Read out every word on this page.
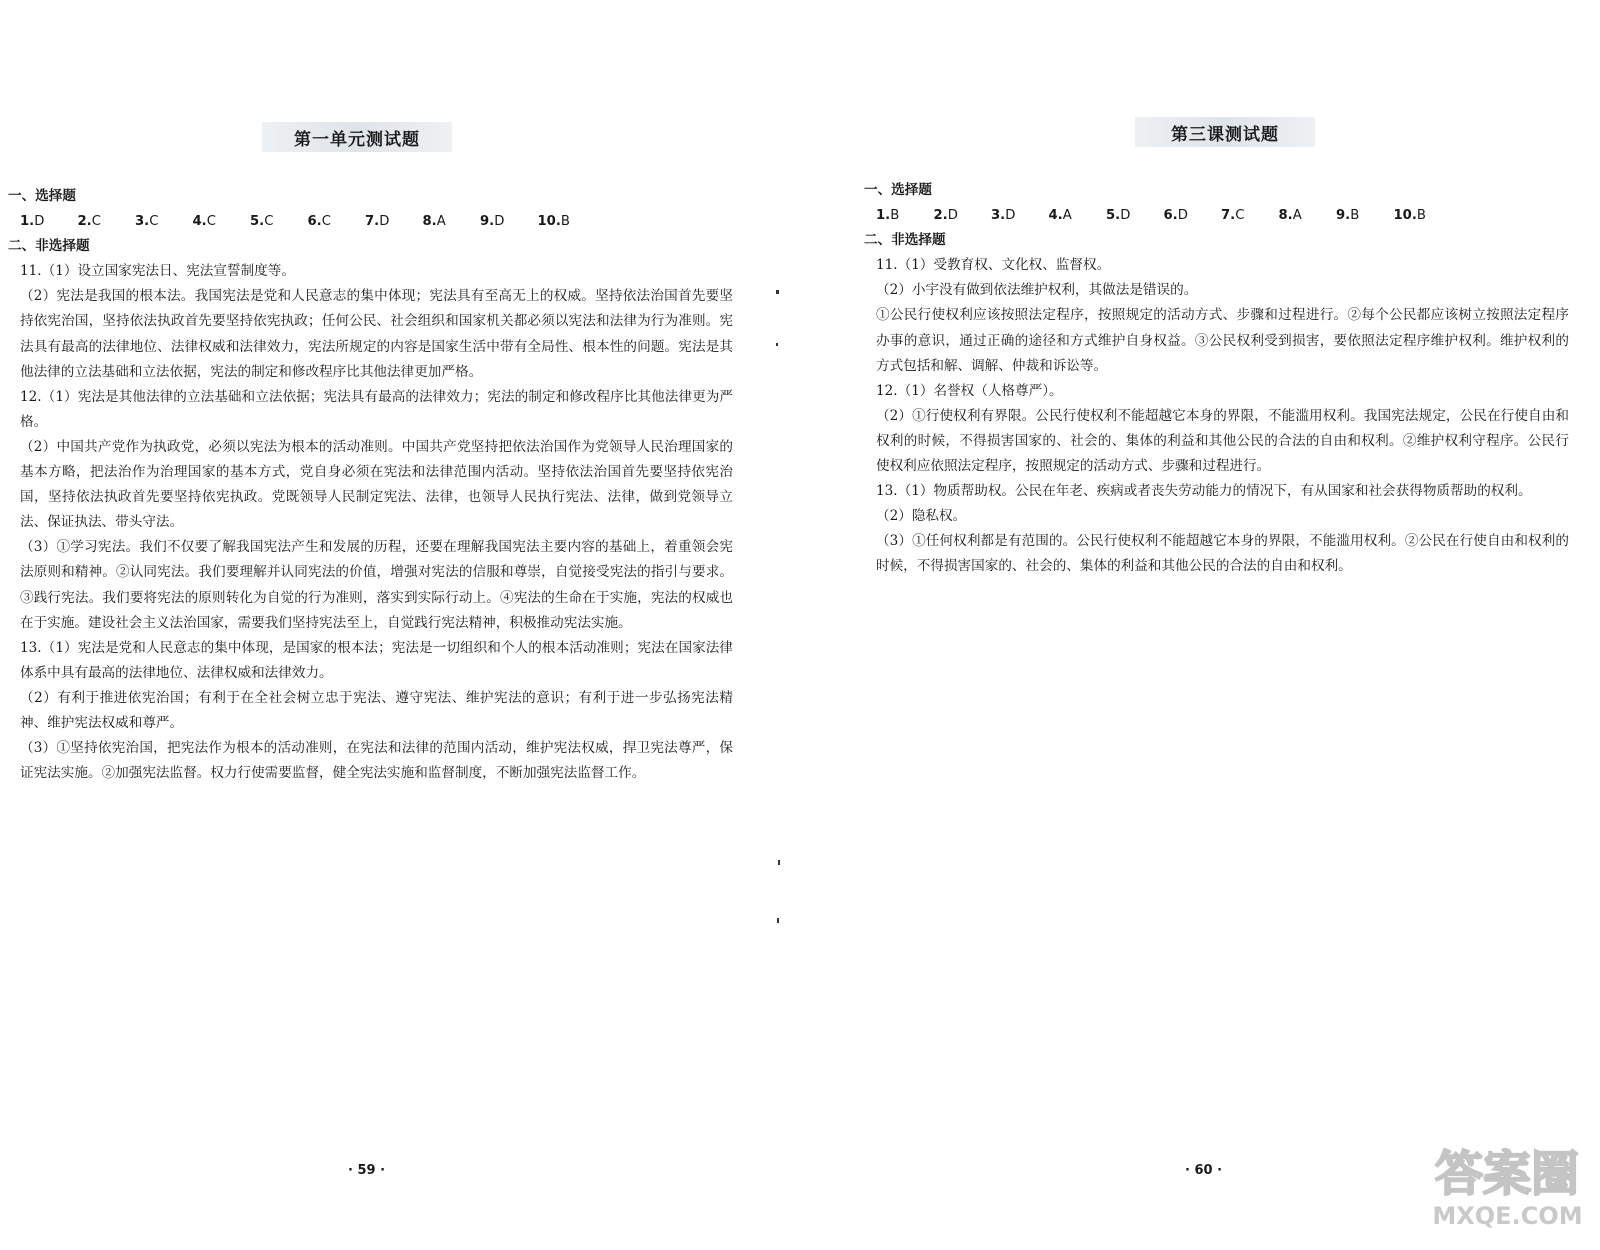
第一单元测试题
一、选择题
1.D	2.C	3.C	4.C	5.C	6.C	7.D	8.A	9.D	10.B
二、非选择题
11.（1）设立国家宪法日、宪法宣誓制度等。
（2）宪法是我国的根本法。我国宪法是党和人民意志的集中体现；宪法具有至高无上的权威。坚持依法治国首先要坚持依宪治国，坚持依法执政首先要坚持依宪执政；任何公民、社会组织和国家机关都必须以宪法和法律为行为准则。宪法具有最高的法律地位、法律权威和法律效力，宪法所规定的内容是国家生活中带有全局性、根本性的问题。宪法是其他法律的立法基础和立法依据，宪法的制定和修改程序比其他法律更加严格。
12.（1）宪法是其他法律的立法基础和立法依据；宪法具有最高的法律效力；宪法的制定和修改程序比其他法律更为严格。
（2）中国共产党作为执政党，必须以宪法为根本的活动准则。中国共产党坚持把依法治国作为党领导人民治理国家的基本方略，把法治作为治理国家的基本方式，党自身必须在宪法和法律范围内活动。坚持依法治国首先要坚持依宪治国，坚持依法执政首先要坚持依宪执政。党既领导人民制定宪法、法律，也领导人民执行宪法、法律，做到党领导立法、保证执法、带头守法。
（3）①学习宪法。我们不仅要了解我国宪法产生和发展的历程，还要在理解我国宪法主要内容的基础上，着重领会宪法原则和精神。②认同宪法。我们要理解并认同宪法的价值，增强对宪法的信服和尊崇，自觉接受宪法的指引与要求。③践行宪法。我们要将宪法的原则转化为自觉的行为准则，落实到实际行动上。④宪法的生命在于实施，宪法的权威也在于实施。建设社会主义法治国家，需要我们坚持宪法至上，自觉践行宪法精神，积极推动宪法实施。
13.（1）宪法是党和人民意志的集中体现，是国家的根本法；宪法是一切组织和个人的根本活动准则；宪法在国家法律体系中具有最高的法律地位、法律权威和法律效力。
（2）有利于推进依宪治国；有利于在全社会树立忠于宪法、遵守宪法、维护宪法的意识；有利于进一步弘扬宪法精神、维护宪法权威和尊严。
（3）①坚持依宪治国，把宪法作为根本的活动准则，在宪法和法律的范围内活动，维护宪法权威，捍卫宪法尊严，保证宪法实施。②加强宪法监督。权力行使需要监督，健全宪法实施和监督制度，不断加强宪法监督工作。
· 59 ·
第三课测试题
一、选择题
1.B	2.D	3.D	4.A	5.D	6.D	7.C	8.A	9.B	10.B
二、非选择题
11.（1）受教育权、文化权、监督权。
（2）小宇没有做到依法维护权利，其做法是错误的。
①公民行使权利应该按照法定程序，按照规定的活动方式、步骤和过程进行。②每个公民都应该树立按照法定程序办事的意识，通过正确的途径和方式维护自身权益。③公民权利受到损害，要依照法定程序维护权利。维护权利的方式包括和解、调解、仲裁和诉讼等。
12.（1）名誉权（人格尊严）。
（2）①行使权利有界限。公民行使权利不能超越它本身的界限，不能滥用权利。我国宪法规定，公民在行使自由和权利的时候，不得损害国家的、社会的、集体的利益和其他公民的合法的自由和权利。②维护权利守程序。公民行使权利应依照法定程序，按照规定的活动方式、步骤和过程进行。
13.（1）物质帮助权。公民在年老、疾病或者丧失劳动能力的情况下，有从国家和社会获得物质帮助的权利。
（2）隐私权。
（3）①任何权利都是有范围的。公民行使权利不能超越它本身的界限，不能滥用权利。②公民在行使自由和权利的时候，不得损害国家的、社会的、集体的利益和其他公民的合法的自由和权利。
· 60 ·	答案圈
MXQE.COM
